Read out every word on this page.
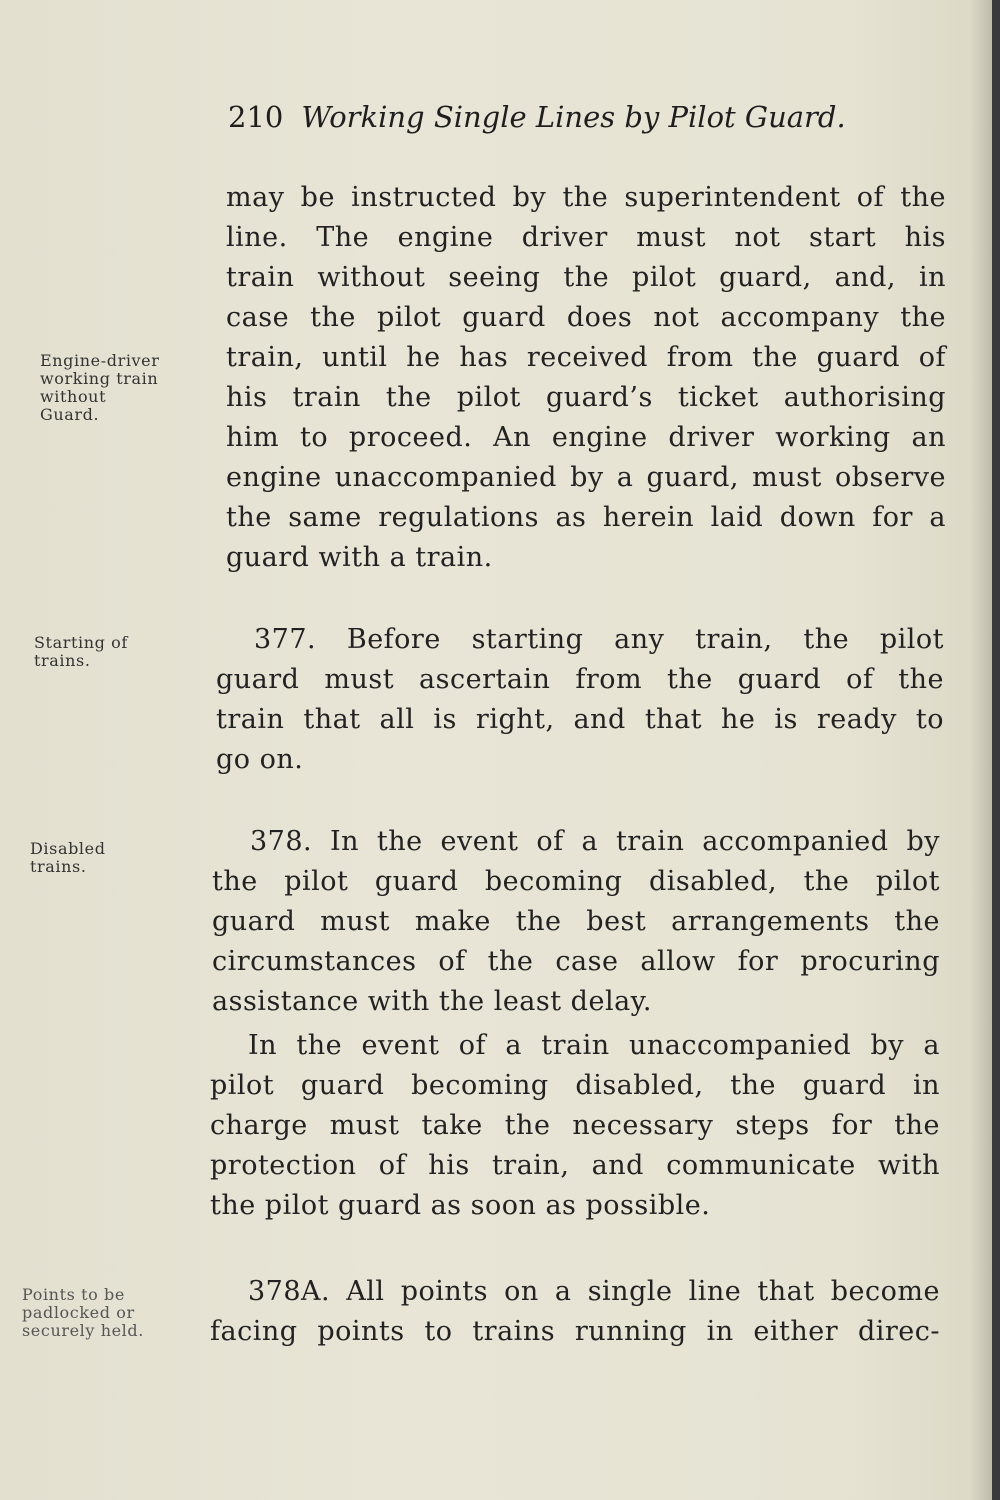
210 Working Single Lines by Pilot Guard.
may be instructed by the superintendent of the
line. The engine driver must not start his
train without seeing the pilot guard, and, in
case the pilot guard does not accompany the
train, until he has received from the guard of
his train the pilot guard’s ticket authorising
him to proceed. An engine driver working an
engine unaccompanied by a guard, must observe
the same regulations as herein laid down for a
guard with a train.
377. Before starting any train, the pilot
guard must ascertain from the guard of the
train that all is right, and that he is ready to
go on.
378. In the event of a train accompanied by
the pilot guard becoming disabled, the pilot
guard must make the best arrangements the
circumstances of the case allow for procuring
assistance with the least delay.
In the event of a train unaccompanied by a
pilot guard becoming disabled, the guard in
charge must take the necessary steps for the
protection of his train, and communicate with
the pilot guard as soon as possible.
378A. All points on a single line that become
facing points to trains running in either direc-
Engine-driver
working train
without
Guard.
Starting of
trains.
Disabled
trains.
Points to be
padlocked or
securely held.
